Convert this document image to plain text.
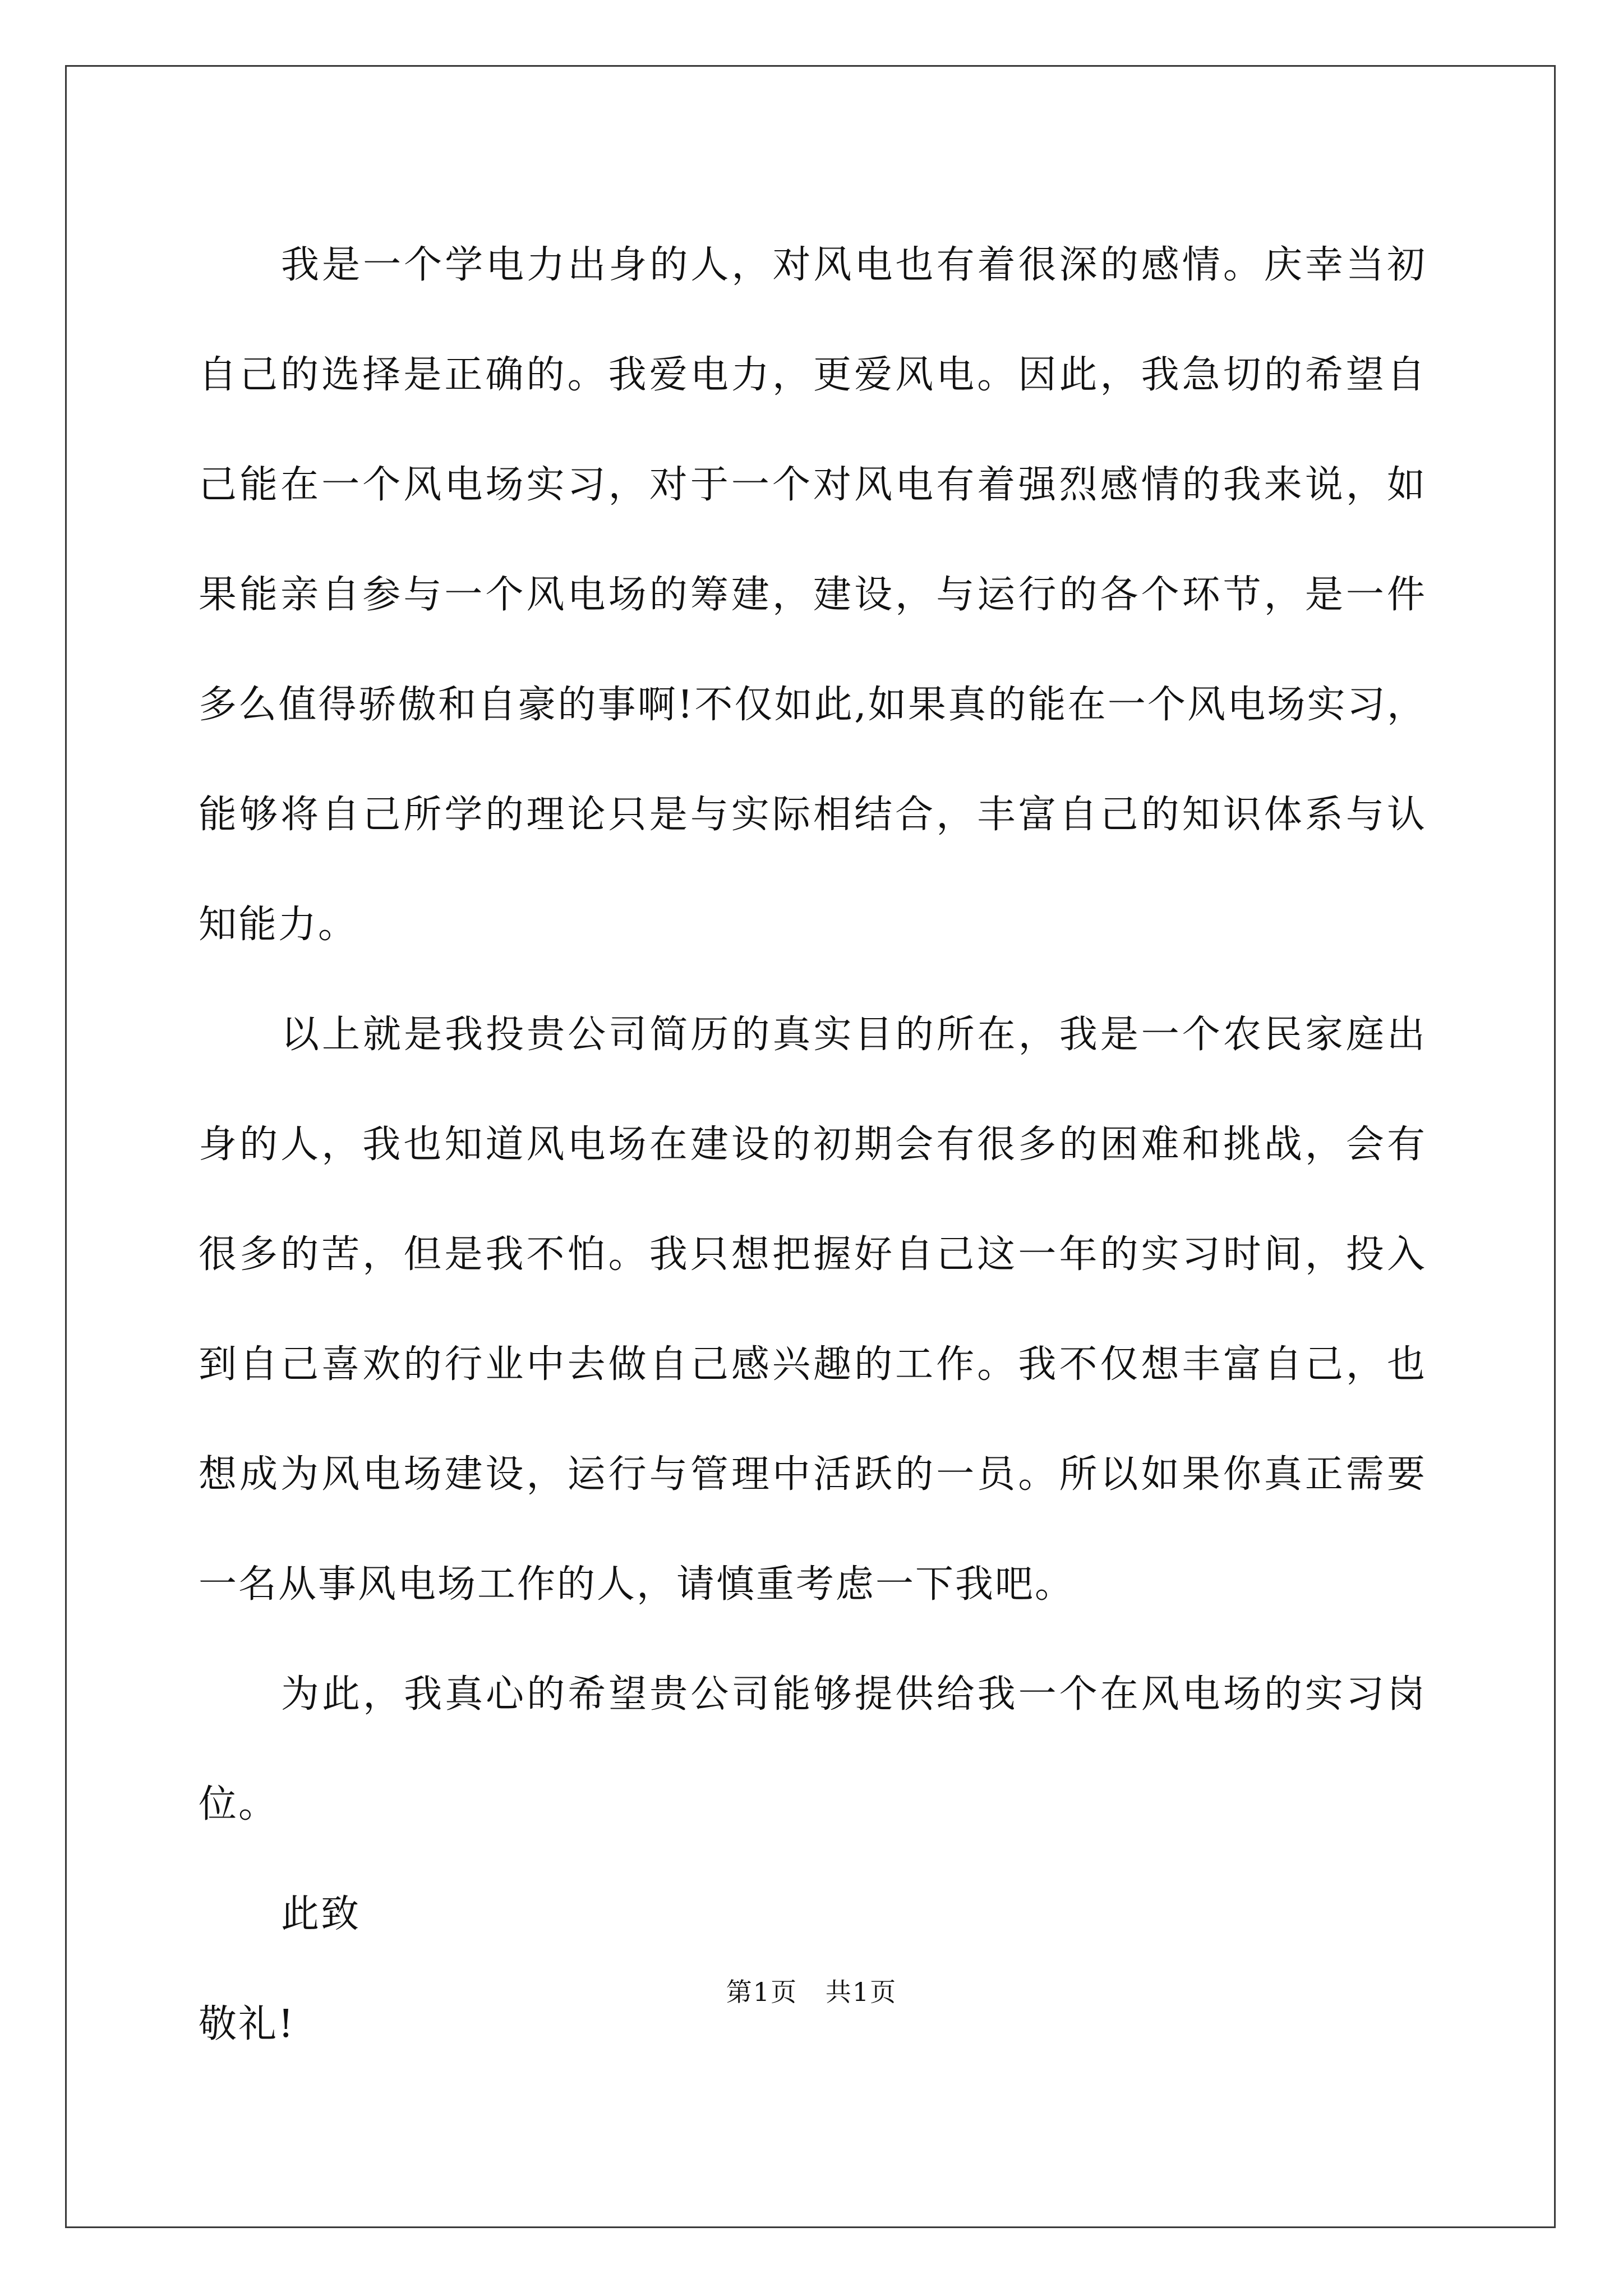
我是一个学电力出身的人，对风电也有着很深的感情。庆幸当初自己的选择是正确的。我爱电力，更爱风电。因此，我急切的希望自己能在一个风电场实习，对于一个对风电有着强烈感情的我来说，如果能亲自参与一个风电场的筹建，建设，与运行的各个环节，是一件多么值得骄傲和自豪的事啊!不仅如此,如果真的能在一个风电场实习，能够将自己所学的理论只是与实际相结合，丰富自己的知识体系与认知能力。

以上就是我投贵公司简历的真实目的所在，我是一个农民家庭出身的人，我也知道风电场在建设的初期会有很多的困难和挑战，会有很多的苦，但是我不怕。我只想把握好自己这一年的实习时间，投入到自己喜欢的行业中去做自己感兴趣的工作。我不仅想丰富自己，也想成为风电场建设，运行与管理中活跃的一员。所以如果你真正需要一名从事风电场工作的人，请慎重考虑一下我吧。

为此，我真心的希望贵公司能够提供给我一个在风电场的实习岗位。

此致

敬礼!

第1页   共1页
